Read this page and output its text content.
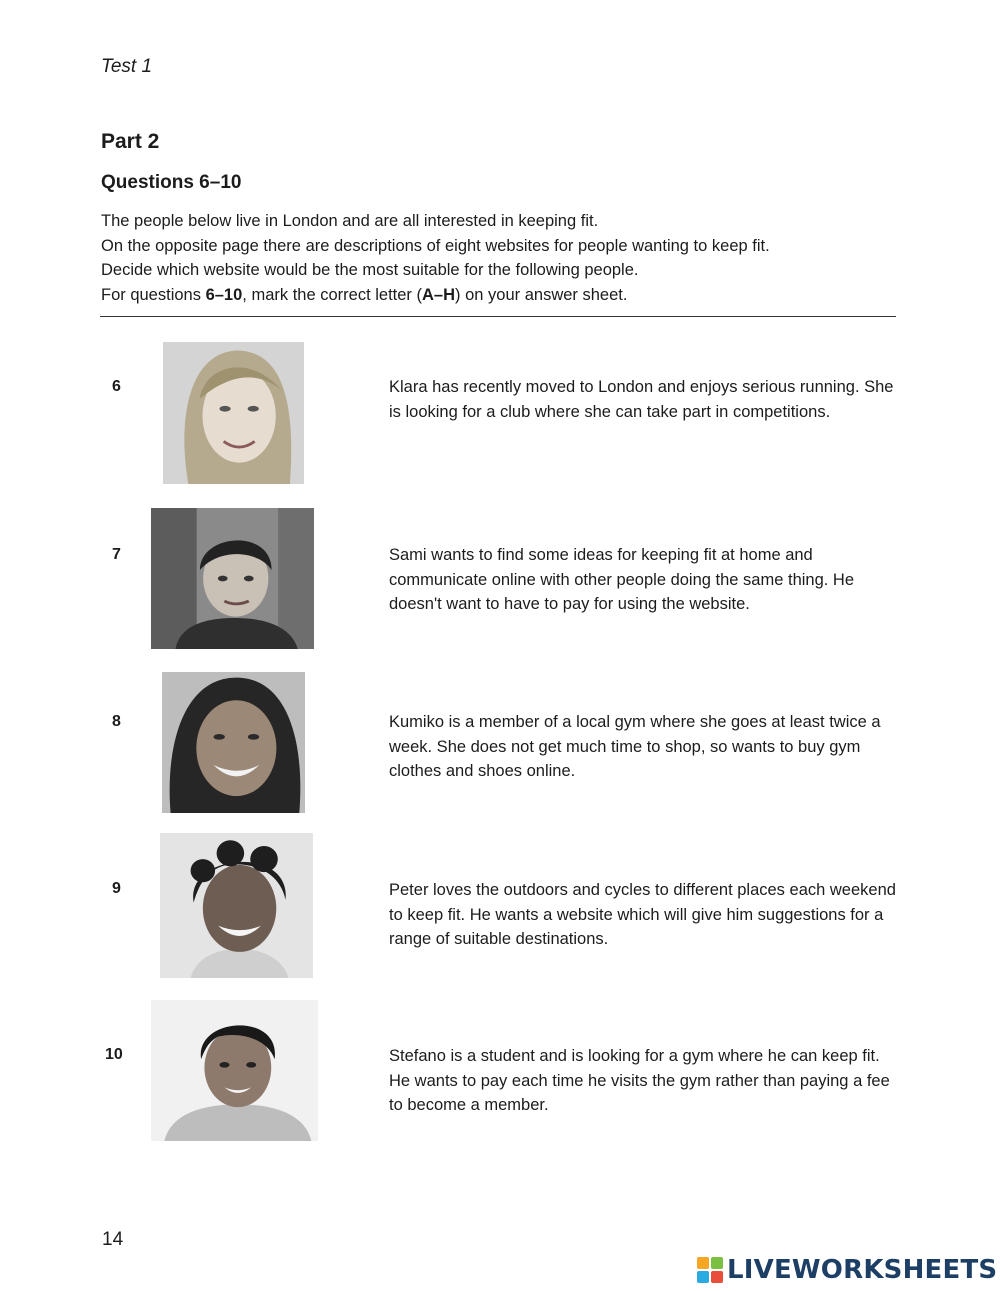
Test 1
Part 2
Questions 6–10

The people below live in London and are all interested in keeping fit.

On the opposite page there are descriptions of eight websites for people wanting to keep fit.

Decide which website would be the most suitable for the following people.

For questions 6–10, mark the correct letter (A–H) on your answer sheet.

6	Klara has recently moved to London and enjoys serious running. She is looking for a club where she can take part in competitions.
7	Sami wants to find some ideas for keeping fit at home and communicate online with other people doing the same thing. He doesn't want to have to pay for using the website.
8	Kumiko is a member of a local gym where she goes at least twice a week. She does not get much time to shop, so wants to buy gym clothes and shoes online.
9	Peter loves the outdoors and cycles to different places each weekend to keep fit. He wants a website which will give him suggestions for a range of suitable destinations.
10	Stefano is a student and is looking for a gym where he can keep fit. He wants to pay each time he visits the gym rather than paying a fee to become a member.
14
LIVEWORKSHEETS
